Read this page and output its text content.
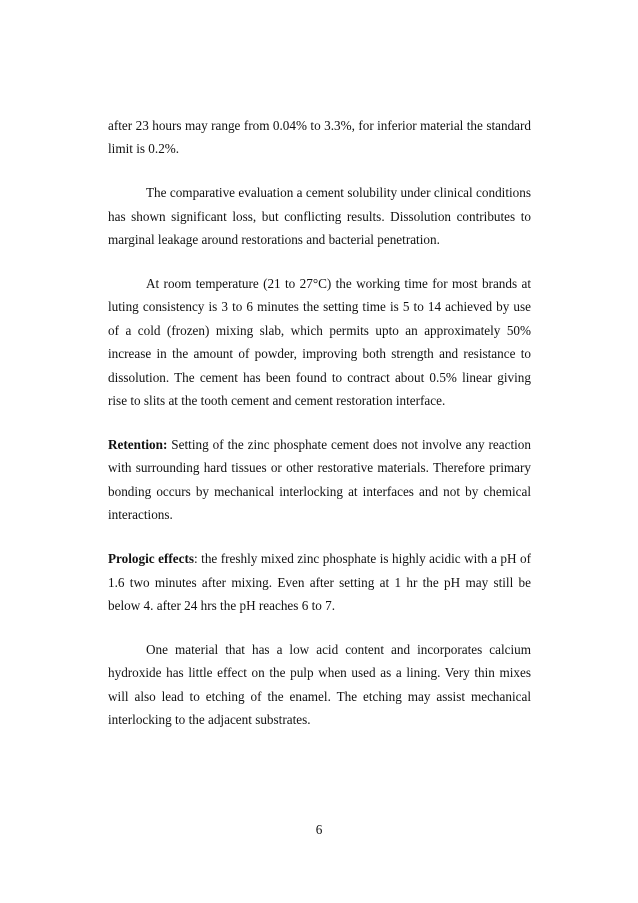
after 23 hours may range from 0.04% to 3.3%, for inferior material the standard limit is 0.2%.

The comparative evaluation a cement solubility under clinical conditions has shown significant loss, but conflicting results. Dissolution contributes to marginal leakage around restorations and bacterial penetration.

At room temperature (21 to 27°C) the working time for most brands at luting consistency is 3 to 6 minutes the setting time is 5 to 14 achieved by use of a cold (frozen) mixing slab, which permits upto an approximately 50% increase in the amount of powder, improving both strength and resistance to dissolution. The cement has been found to contract about 0.5% linear giving rise to slits at the tooth cement and cement restoration interface.

Retention: Setting of the zinc phosphate cement does not involve any reaction with surrounding hard tissues or other restorative materials. Therefore primary bonding occurs by mechanical interlocking at interfaces and not by chemical interactions.

Prologic effects: the freshly mixed zinc phosphate is highly acidic with a pH of 1.6 two minutes after mixing. Even after setting at 1 hr the pH may still be below 4. after 24 hrs the pH reaches 6 to 7.

One material that has a low acid content and incorporates calcium hydroxide has little effect on the pulp when used as a lining. Very thin mixes will also lead to etching of the enamel. The etching may assist mechanical interlocking to the adjacent substrates.

6
